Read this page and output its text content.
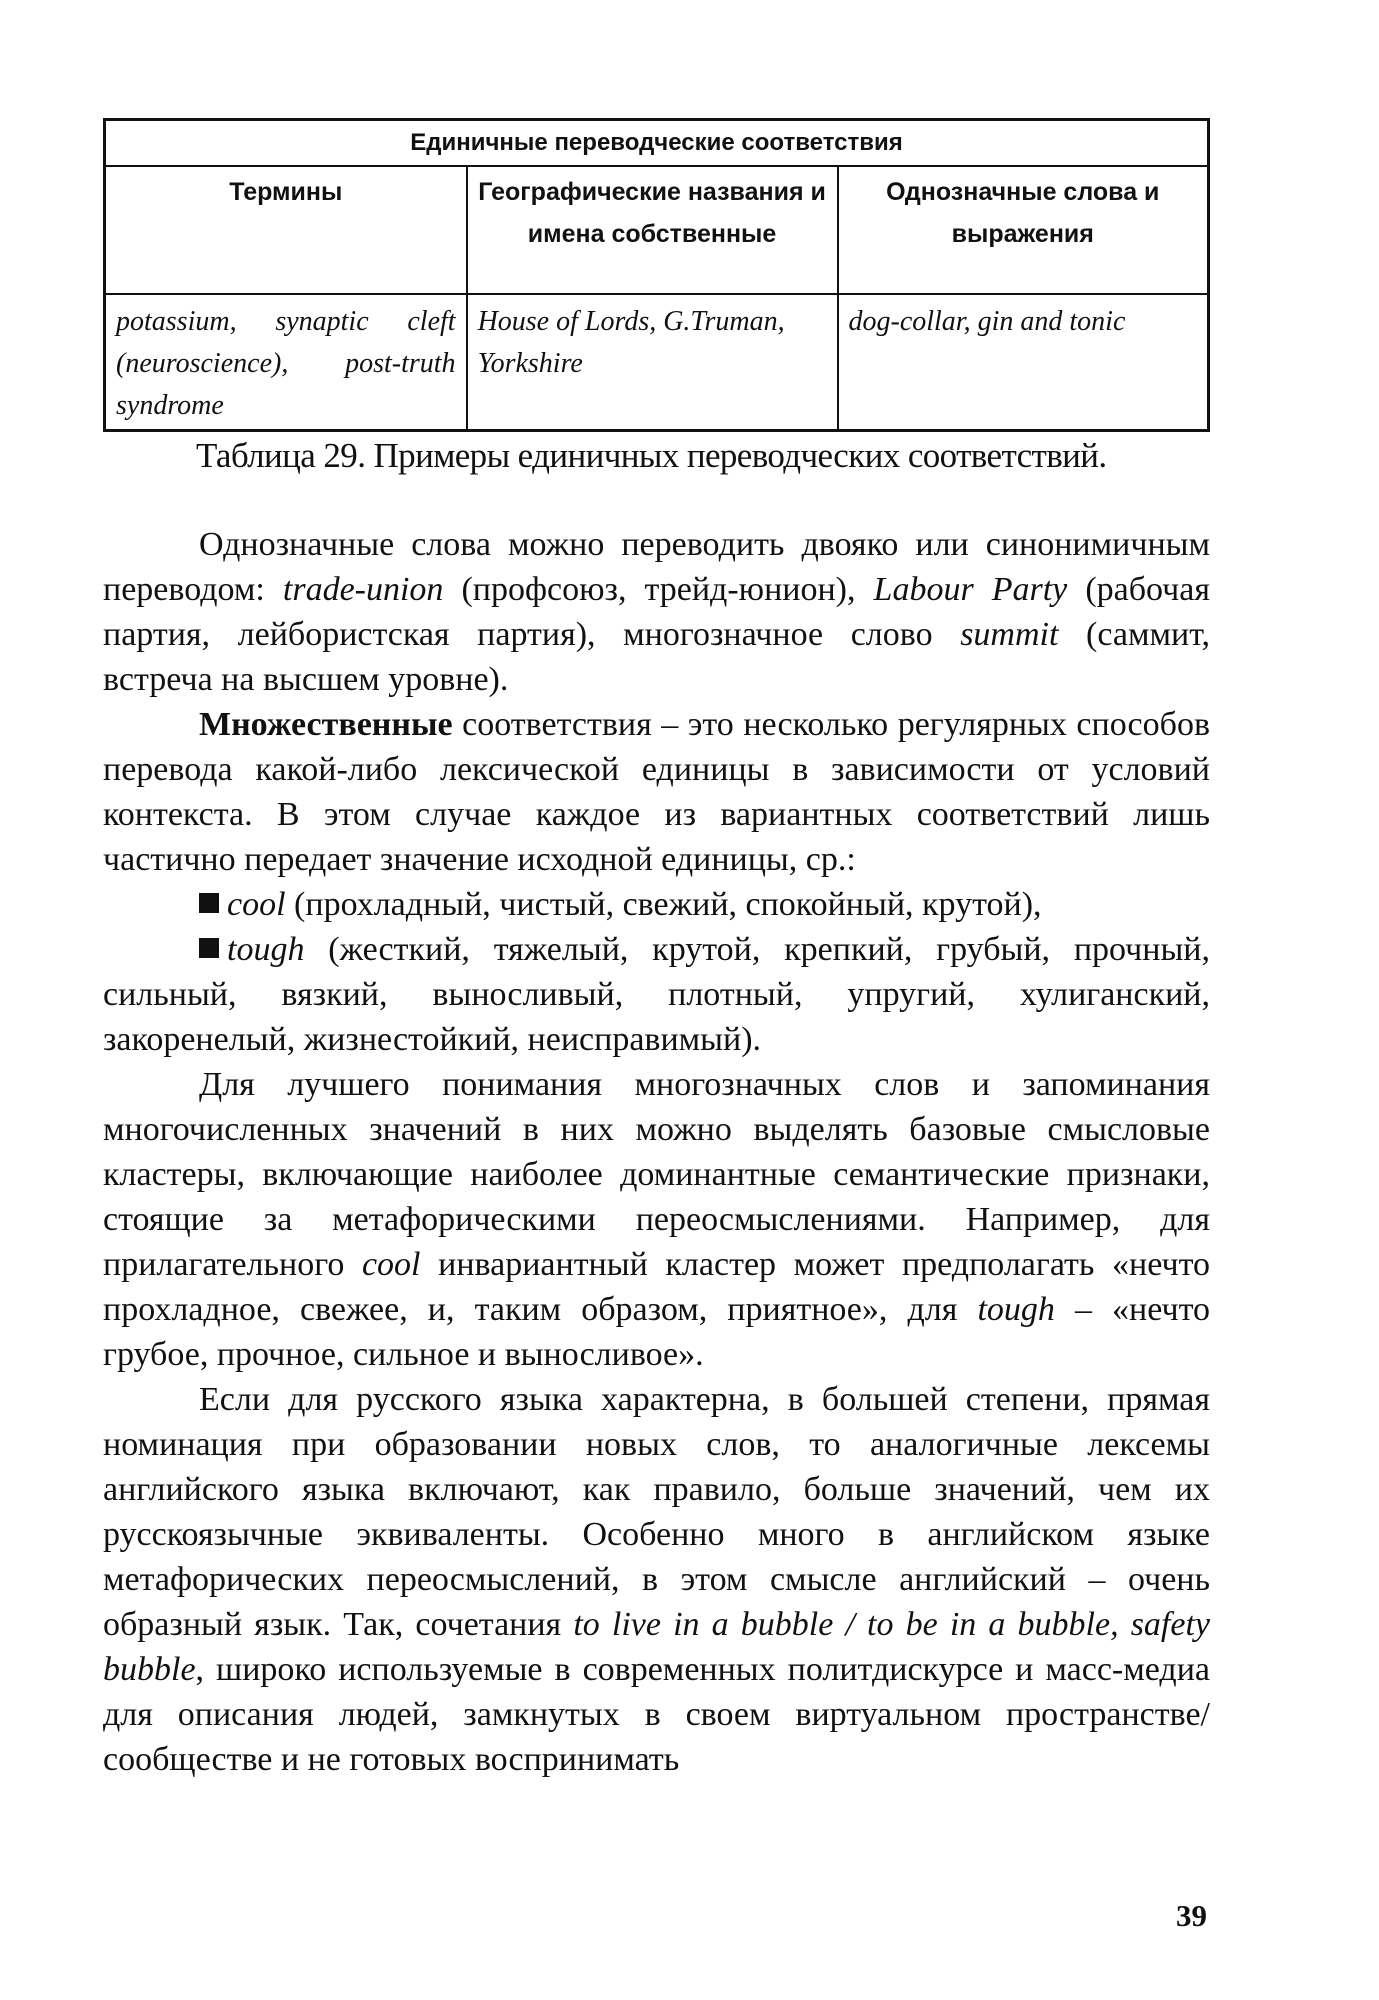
Единичные переводческие соответствия		
Термины	Географические названия и имена собственные	Однозначные слова и выражения
potassium, synaptic cleft (neuroscience), post-truth syndrome	House of Lords, G.Truman, Yorkshire	dog-collar, gin and tonic
Таблица 29. Примеры единичных переводческих соответствий.

Однозначные слова можно переводить двояко или синонимичным переводом: trade-union (профсоюз, трейд-юнион), Labour Party (рабочая партия, лейбористская партия), многозначное слово summit (саммит, встреча на высшем уровне).

Множественные соответствия – это несколько регулярных способов перевода какой-либо лексической единицы в зависимости от условий контекста. В этом случае каждое из вариантных соответствий лишь частично передает значение исходной единицы, ср.:

cool (прохладный, чистый, свежий, спокойный, крутой),

tough (жесткий, тяжелый, крутой, крепкий, грубый, прочный, сильный, вязкий, выносливый, плотный, упругий, хулиганский, закоренелый, жизнестойкий, неисправимый).

Для лучшего понимания многозначных слов и запоминания многочисленных значений в них можно выделять базовые смысловые кластеры, включающие наиболее доминантные семантические признаки, стоящие за метафорическими переосмыслениями. Например, для прилагательного cool инвариантный кластер может предполагать «нечто прохладное, свежее, и, таким образом, приятное», для tough – «нечто грубое, прочное, сильное и выносливое».

Если для русского языка характерна, в большей степени, прямая номинация при образовании новых слов, то аналогичные лексемы английского языка включают, как правило, больше значений, чем их русскоязычные эквиваленты. Особенно много в английском языке метафорических переосмыслений, в этом смысле английский – очень образный язык. Так, сочетания to live in a bubble / to be in a bubble, safety bubble, широко используемые в современных политдискурсе и масс-медиа для описания людей, замкнутых в своем виртуальном пространстве/сообществе и не готовых воспринимать

39
